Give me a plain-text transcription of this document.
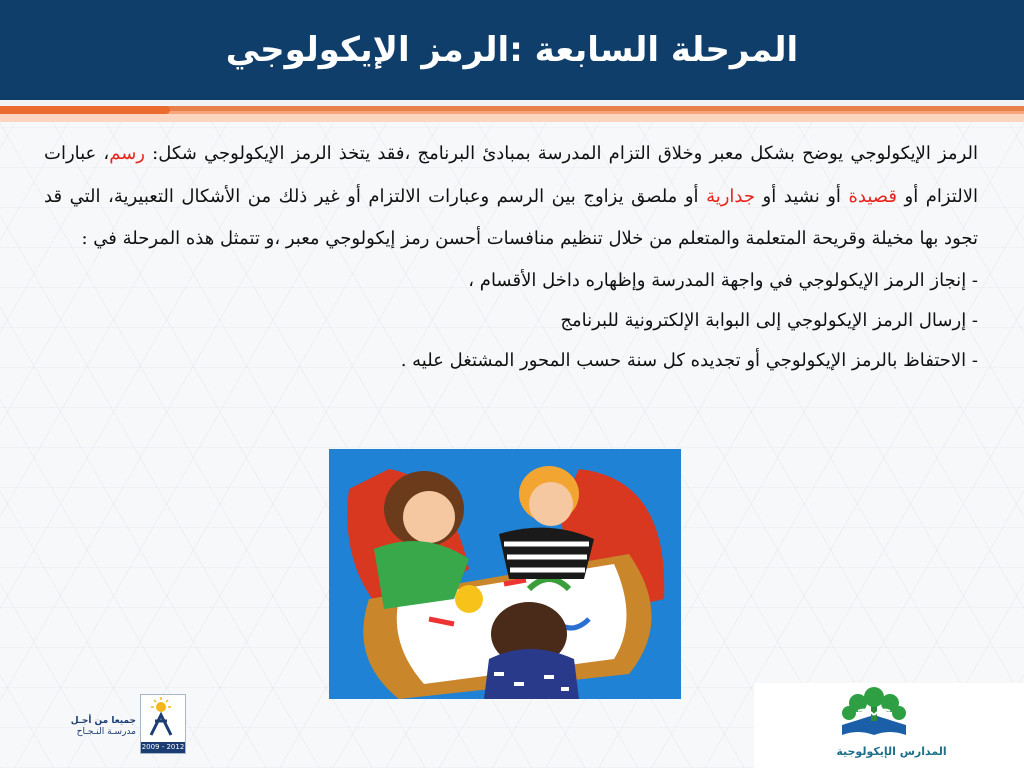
المرحلة السابعة :الرمز الإيكولوجي

الرمز الإيكولوجي يوضح بشكل معبر وخلاق التزام المدرسة بمبادئ البرنامج ،فقد يتخذ الرمز الإيكولوجي شكل: رسم، عبارات الالتزام أو قصيدة أو نشيد أو جدارية أو ملصق يزاوج بين الرسم وعبارات الالتزام أو غير ذلك من الأشكال التعبيرية، التي قد تجود بها مخيلة وقريحة المتعلمة والمتعلم من خلال تنظيم منافسات أحسن رمز إيكولوجي معبر ،و تتمثل هذه المرحلة في :

- إنجاز الرمز الإيكولوجي في واجهة المدرسة وإظهاره داخل الأقسام ،
- إرسال الرمز الإيكولوجي إلى البوابة الإلكترونية للبرنامج
- الاحتفاظ بالرمز الإيكولوجي أو تجديده كل سنة حسب المحور المشتغل عليه .
جميعا من أجـل
مدرسـة النـجـاح
2009 - 2012	المدارس الإيكولوجية
